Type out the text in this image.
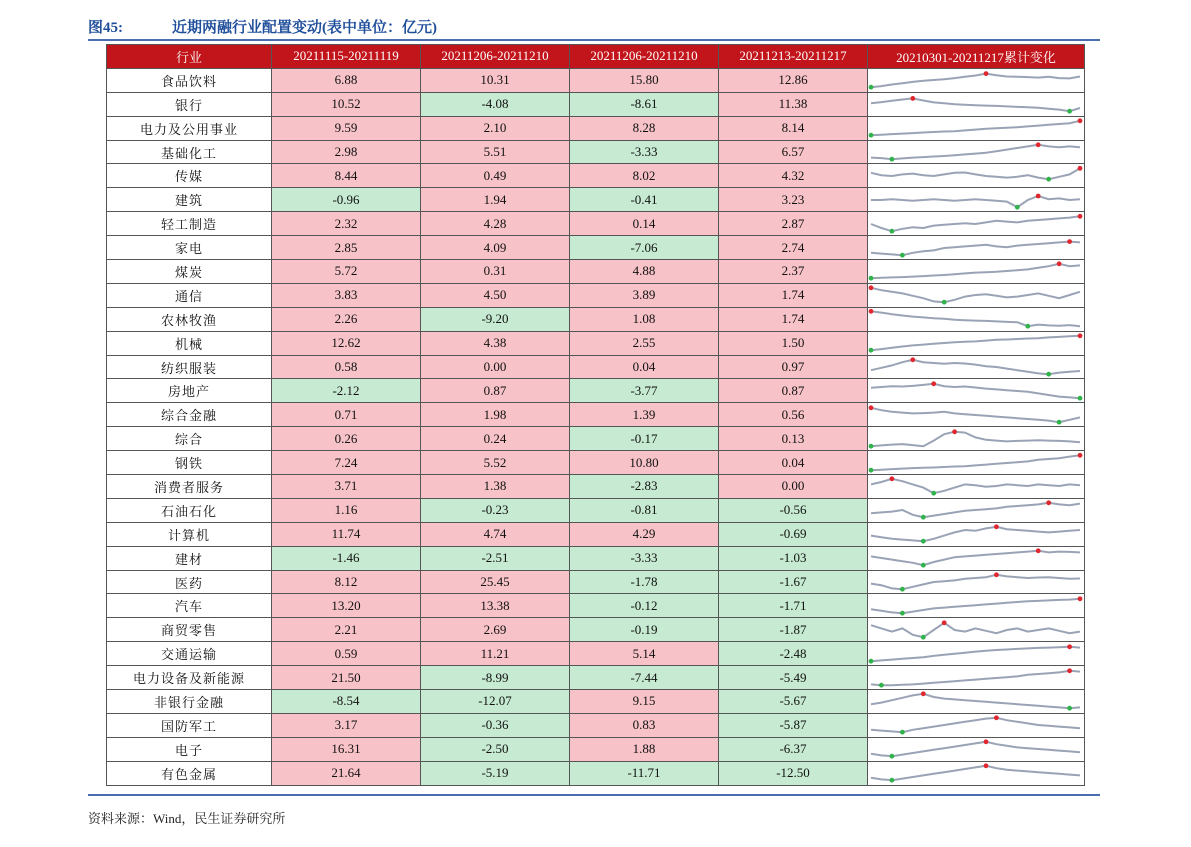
图45:	近期两融行业配置变动(表中单位：亿元)
行业	20211115-20211119	20211206-20211210	20211206-20211210	20211213-20211217	20210301-20211217累计变化
食品饮料	6.88	10.31	15.80	12.86	

银行	10.52	-4.08	-8.61	11.38	

电力及公用事业	9.59	2.10	8.28	8.14	

基础化工	2.98	5.51	-3.33	6.57	

传媒	8.44	0.49	8.02	4.32	

建筑	-0.96	1.94	-0.41	3.23	

轻工制造	2.32	4.28	0.14	2.87	

家电	2.85	4.09	-7.06	2.74	

煤炭	5.72	0.31	4.88	2.37	

通信	3.83	4.50	3.89	1.74	

农林牧渔	2.26	-9.20	1.08	1.74	

机械	12.62	4.38	2.55	1.50	

纺织服装	0.58	0.00	0.04	0.97	

房地产	-2.12	0.87	-3.77	0.87	

综合金融	0.71	1.98	1.39	0.56	

综合	0.26	0.24	-0.17	0.13	

钢铁	7.24	5.52	10.80	0.04	

消费者服务	3.71	1.38	-2.83	0.00	

石油石化	1.16	-0.23	-0.81	-0.56	

计算机	11.74	4.74	4.29	-0.69	

建材	-1.46	-2.51	-3.33	-1.03	

医药	8.12	25.45	-1.78	-1.67	

汽车	13.20	13.38	-0.12	-1.71	

商贸零售	2.21	2.69	-0.19	-1.87	

交通运输	0.59	11.21	5.14	-2.48	

电力设备及新能源	21.50	-8.99	-7.44	-5.49	

非银行金融	-8.54	-12.07	9.15	-5.67	

国防军工	3.17	-0.36	0.83	-5.87	

电子	16.31	-2.50	1.88	-6.37	

有色金属	21.64	-5.19	-11.71	-12.50	
资料来源：Wind，民生证券研究所
